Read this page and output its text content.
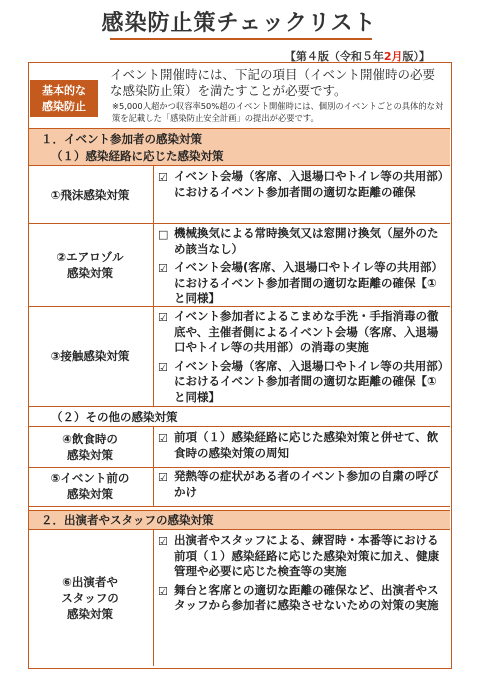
感染防止策チェックリスト
【第４版（令和５年2月版）】
基本的な
感染防止
イベント開催時には、下記の項目（イベント開催時の必要な感染防止策）を満たすことが必要です。
※5,000人超かつ収容率50%超のイベント開催時には、個別のイベントごとの具体的な対策を記載した「感染防止安全計画」の提出が必要です。
１．イベント参加者の感染対策
（１）感染経路に応じた感染対策
①飛沫感染対策
☑ イベント会場（客席、入退場口やトイレ等の共用部）におけるイベント参加者間の適切な距離の確保
②エアロゾル
感染対策
□ 機械換気による常時換気又は窓開け換気（屋外のため該当なし）
☑ イベント会場(客席、入退場口やトイレ等の共用部）におけるイベント参加者間の適切な距離の確保【①と同様】
③接触感染対策
☑ イベント参加者によるこまめな手洗・手指消毒の徹底や、主催者側によるイベント会場（客席、入退場口やトイレ等の共用部）の消毒の実施
☑ イベント会場（客席、入退場口やトイレ等の共用部）におけるイベント参加者間の適切な距離の確保【①と同様】
（２）その他の感染対策
④飲食時の
感染対策
☑ 前項（１）感染経路に応じた感染対策と併せて、飲食時の感染対策の周知
⑤イベント前の
感染対策
☑ 発熱等の症状がある者のイベント参加の自粛の呼びかけ
２．出演者やスタッフの感染対策
⑥出演者や
スタッフの
感染対策
☑ 出演者やスタッフによる、練習時・本番等における前項（１）感染経路に応じた感染対策に加え、健康管理や必要に応じた検査等の実施
☑ 舞台と客席との適切な距離の確保など、出演者やスタッフから参加者に感染させないための対策の実施
